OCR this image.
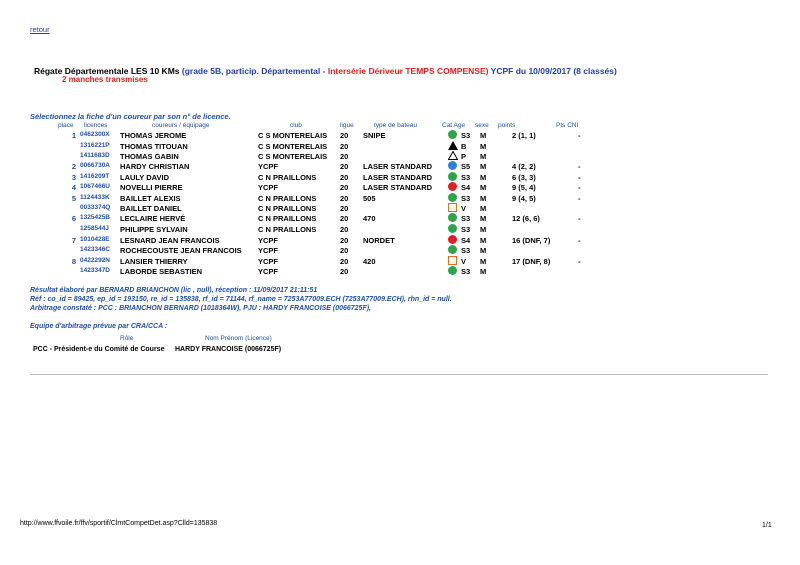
retour
Régate Départementale LES 10 KMs (grade 5B, particip. Départemental - Intersérie Dériveur TEMPS COMPENSE) YCPF du 10/09/2017 (8 classés)
2 manches transmises
Sélectionnez la fiche d'un coureur par son n° de licence.
place licences	coureurs / équipage	club	ligue	type de bateau	Cat Age sexe points	Pts CNI
1 0462300X THOMAS JEROME	C S MONTERELAIS 20 SNIPE	S3 M	2 (1, 1)	-
1316221P THOMAS TITOUAN	C S MONTERELAIS 20	B M
1411683D THOMAS GABIN	C S MONTERELAIS 20	P M
2 0066730A HARDY CHRISTIAN	YCPF	20 LASER STANDARD	S5 M	4 (2, 2)	-
3 1416209T LAULY DAVID	C N PRAILLONS	20 LASER STANDARD	S3 M	6 (3, 3)	-
4 1067466U NOVELLI PIERRE	YCPF	20 LASER STANDARD	S4 M	9 (5, 4)	-
5 1124433K BAILLET ALEXIS	C N PRAILLONS	20 505	S3 M	9 (4, 5)	-
0033374Q BAILLET DANIEL	C N PRAILLONS	20	V M
6 1325425B LECLAIRE HERVÉ	C N PRAILLONS	20 470	S3 M	12 (6, 6)	-
1258544J PHILIPPE SYLVAIN	C N PRAILLONS	20	S3 M
7 1010428E LESNARD JEAN FRANCOIS	YCPF	20 NORDET	S4 M	16 (DNF, 7)	-
1423346C ROCHECOUSTE JEAN FRANCOIS YCPF	20	S3 M
8 0422292N LANSIER THIERRY	YCPF	20 420	V M	17 (DNF, 8)	-
1423347D LABORDE SEBASTIEN	YCPF	20	S3 M
Résultat élaboré par BERNARD BRIANCHON (lic , null), réception : 11/09/2017 21:11:51
Réf : co_id = 89425, ep_id = 193150, re_id = 135838, rf_id = 71144, rf_name = 7253A77009.ECH (7253A77009.ECH), rhn_id = null.
Arbitrage constaté : PCC : BRIANCHON BERNARD (1018364W), PJU : HARDY FRANCOISE (0066725F),
Equipe d'arbitrage prévue par CRA/CCA :
Rôle	Nom Prénom (Licence)
PCC - Président-e du Comité de Course HARDY FRANCOISE (0066725F)
http://www.ffvoile.fr/ffv/sportif/ClmtCompetDet.asp?Clld=135838	1/1
